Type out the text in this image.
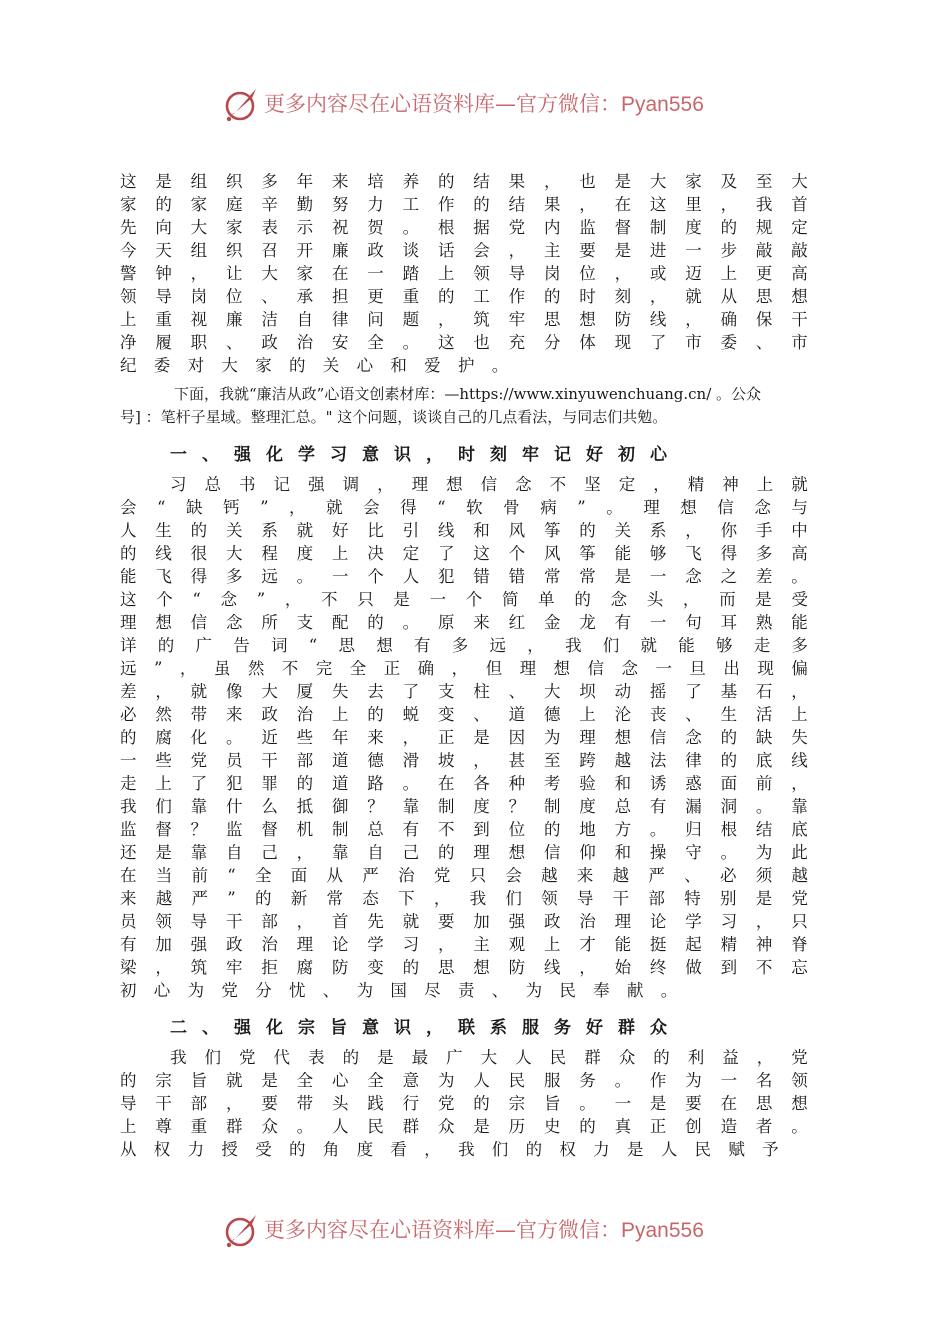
更多内容尽在心语资料库—官方微信：Pyan556
这 是 组 织 多 年 来 培 养 的 结 果 ， 也 是 大 家 及 至 大
家 的 家 庭 辛 勤 努 力 工 作 的 结 果 ， 在 这 里 ， 我 首
先 向 大 家 表 示 祝 贺 。 根 据 党 内 监 督 制 度 的 规 定
今 天 组 织 召 开 廉 政 谈 话 会 ， 主 要 是 进 一 步 敲 敲
警 钟 ， 让 大 家 在 一 踏 上 领 导 岗 位 ， 或 迈 上 更 高
领 导 岗 位 、 承 担 更 重 的 工 作 的 时 刻 ， 就 从 思 想
上 重 视 廉 洁 自 律 问 题 ， 筑 牢 思 想 防 线 ， 确 保 干
净 履 职 、 政 治 安 全 。 这 也 充 分 体 现 了 市 委 、 市
纪 委 对 大 家 的 关 心 和 爱 护 。
下面，我就“廉洁从政”心语文创素材库：—https://www.xinyuwenchuang.cn/ 。公众
号] ：笔杆子星域。整理汇总。" 这个问题，谈谈自己的几点看法，与同志们共勉。
一 、 强 化 学 习 意 识 ， 时 刻 牢 记 好 初 心
习 总 书 记 强 调 ， 理 想 信 念 不 坚 定 ， 精 神 上 就
会 “ 缺 钙 ” ， 就 会 得 “ 软 骨 病 ” 。 理 想 信 念 与
人 生 的 关 系 就 好 比 引 线 和 风 筝 的 关 系 ， 你 手 中
的 线 很 大 程 度 上 决 定 了 这 个 风 筝 能 够 飞 得 多 高
能 飞 得 多 远 。 一 个 人 犯 错 错 常 常 是 一 念 之 差 。
这 个 “ 念 ” ， 不 只 是 一 个 简 单 的 念 头 ， 而 是 受
理 想 信 念 所 支 配 的 。 原 来 红 金 龙 有 一 句 耳 熟 能
详 的 广 告 词 “ 思 想 有 多 远 ， 我 们 就 能 够 走 多
远 ” ， 虽 然 不 完 全 正 确 ， 但 理 想 信 念 一 旦 出 现 偏
差 ， 就 像 大 厦 失 去 了 支 柱 、 大 坝 动 摇 了 基 石 ，
必 然 带 来 政 治 上 的 蜕 变 、 道 德 上 沦 丧 、 生 活 上
的 腐 化 。 近 些 年 来 ， 正 是 因 为 理 想 信 念 的 缺 失
一 些 党 员 干 部 道 德 滑 坡 ， 甚 至 跨 越 法 律 的 底 线
走 上 了 犯 罪 的 道 路 。 在 各 种 考 验 和 诱 惑 面 前 ，
我 们 靠 什 么 抵 御 ？ 靠 制 度 ？ 制 度 总 有 漏 洞 。 靠
监 督 ？ 监 督 机 制 总 有 不 到 位 的 地 方 。 归 根 结 底
还 是 靠 自 己 ， 靠 自 己 的 理 想 信 仰 和 操 守 。 为 此
在 当 前 “ 全 面 从 严 治 党 只 会 越 来 越 严 、 必 须 越
来 越 严 ” 的 新 常 态 下 ， 我 们 领 导 干 部 特 别 是 党
员 领 导 干 部 ， 首 先 就 要 加 强 政 治 理 论 学 习 ， 只
有 加 强 政 治 理 论 学 习 ， 主 观 上 才 能 挺 起 精 神 脊
梁 ， 筑 牢 拒 腐 防 变 的 思 想 防 线 ， 始 终 做 到 不 忘
初 心 为 党 分 忧 、 为 国 尽 责 、 为 民 奉 献 。
二 、 强 化 宗 旨 意 识 ， 联 系 服 务 好 群 众
我 们 党 代 表 的 是 最 广 大 人 民 群 众 的 利 益 ， 党
的 宗 旨 就 是 全 心 全 意 为 人 民 服 务 。 作 为 一 名 领
导 干 部 ， 要 带 头 践 行 党 的 宗 旨 。 一 是 要 在 思 想
上 尊 重 群 众 。 人 民 群 众 是 历 史 的 真 正 创 造 者 。
从 权 力 授 受 的 角 度 看 ， 我 们 的 权 力 是 人 民 赋 予
更多内容尽在心语资料库—官方微信：Pyan556
